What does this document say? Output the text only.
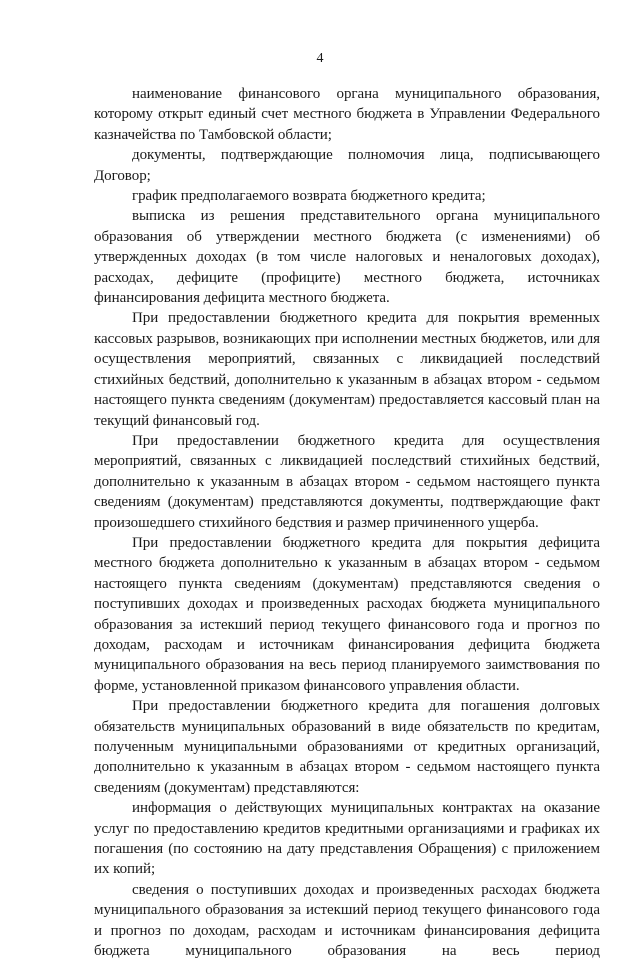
4

наименование финансового органа муниципального образования, которому открыт единый счет местного бюджета в Управлении Федерального казначейства по Тамбовской области;

документы, подтверждающие полномочия лица, подписывающего Договор;

график предполагаемого возврата бюджетного кредита;

выписка из решения представительного органа муниципального образования об утверждении местного бюджета (с изменениями) об утвержденных доходах (в том числе налоговых и неналоговых доходах), расходах, дефиците (профиците) местного бюджета, источниках финансирования дефицита местного бюджета.

При предоставлении бюджетного кредита для покрытия временных кассовых разрывов, возникающих при исполнении местных бюджетов, или для осуществления мероприятий, связанных с ликвидацией последствий стихийных бедствий, дополнительно к указанным в абзацах втором - седьмом настоящего пункта сведениям (документам) предоставляется кассовый план на текущий финансовый год.

При предоставлении бюджетного кредита для осуществления мероприятий, связанных с ликвидацией последствий стихийных бедствий, дополнительно к указанным в абзацах втором - седьмом настоящего пункта сведениям (документам) представляются документы, подтверждающие факт произошедшего стихийного бедствия и размер причиненного ущерба.

При предоставлении бюджетного кредита для покрытия дефицита местного бюджета дополнительно к указанным в абзацах втором - седьмом настоящего пункта сведениям (документам) представляются сведения о поступивших доходах и произведенных расходах бюджета муниципального образования за истекший период текущего финансового года и прогноз по доходам, расходам и источникам финансирования дефицита бюджета муниципального образования на весь период планируемого заимствования по форме, установленной приказом финансового управления области.

При предоставлении бюджетного кредита для погашения долговых обязательств муниципальных образований в виде обязательств по кредитам, полученным муниципальными образованиями от кредитных организаций, дополнительно к указанным в абзацах втором - седьмом настоящего пункта сведениям (документам) представляются:

информация о действующих муниципальных контрактах на оказание услуг по предоставлению кредитов кредитными организациями и графиках их погашения (по состоянию на дату представления Обращения) с приложением их копий;

сведения о поступивших доходах и произведенных расходах бюджета муниципального образования за истекший период текущего финансового года и прогноз по доходам, расходам и источникам финансирования дефицита бюджета муниципального образования на весь период
